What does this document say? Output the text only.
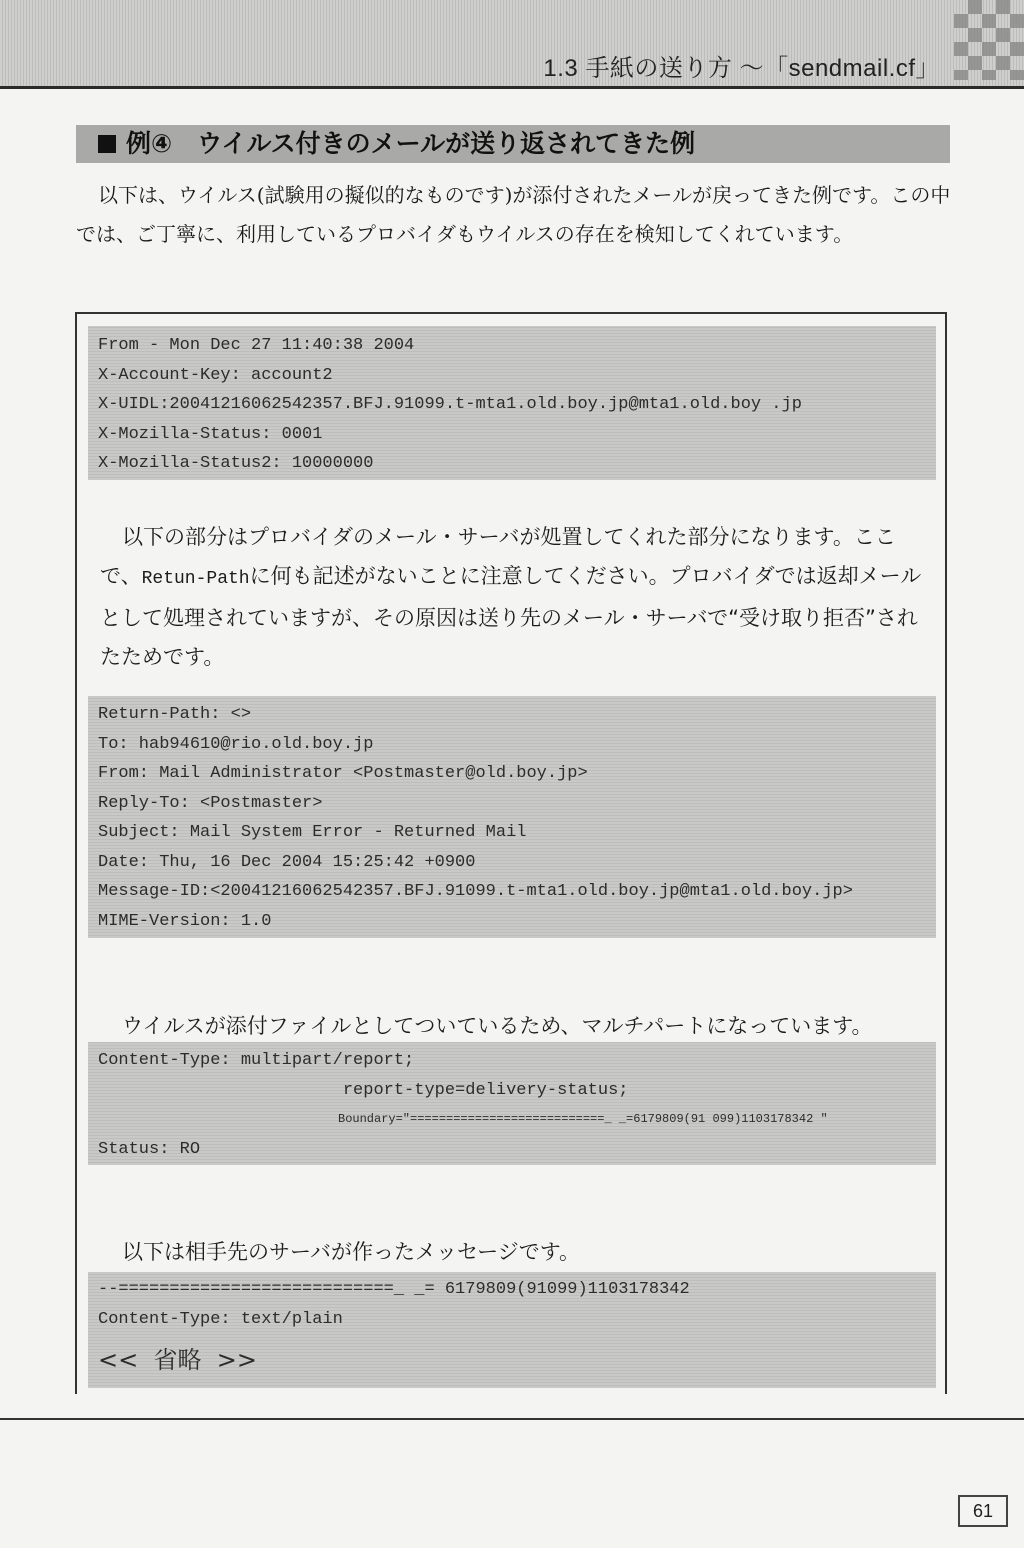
1.3 手紙の送り方 〜「sendmail.cf」
例④　ウイルス付きのメールが送り返されてきた例
以下は、ウイルス(試験用の擬似的なものです)が添付されたメールが戻ってきた例です。この中では、ご丁寧に、利用しているプロバイダもウイルスの存在を検知してくれています。
From - Mon Dec 27 11:40:38 2004
X-Account-Key: account2
X-UIDL:20041216062542357.BFJ.91099.t-mta1.old.boy.jp@mta1.old.boy .jp
X-Mozilla-Status: 0001
X-Mozilla-Status2: 10000000
以下の部分はプロバイダのメール・サーバが処置してくれた部分になります。ここで、Retun-Pathに何も記述がないことに注意してください。プロバイダでは返却メールとして処理されていますが、その原因は送り先のメール・サーバで“受け取り拒否”されたためです。
Return-Path: <>
To: hab94610@rio.old.boy.jp
From: Mail Administrator <Postmaster@old.boy.jp>
Reply-To: <Postmaster>
Subject: Mail System Error - Returned Mail
Date: Thu, 16 Dec 2004 15:25:42 +0900
Message-ID:<20041216062542357.BFJ.91099.t-mta1.old.boy.jp@mta1.old.boy.jp>
MIME-Version: 1.0
ウイルスが添付ファイルとしてついているため、マルチパートになっています。
Content-Type: multipart/report;
report-type=delivery-status;
Boundary="===========================_ _=6179809(91 099)1103178342 "
Status: RO
以下は相手先のサーバが作ったメッセージです。
--===========================_ _= 6179809(91099)1103178342
Content-Type: text/plain
<<  省略  >>
61
